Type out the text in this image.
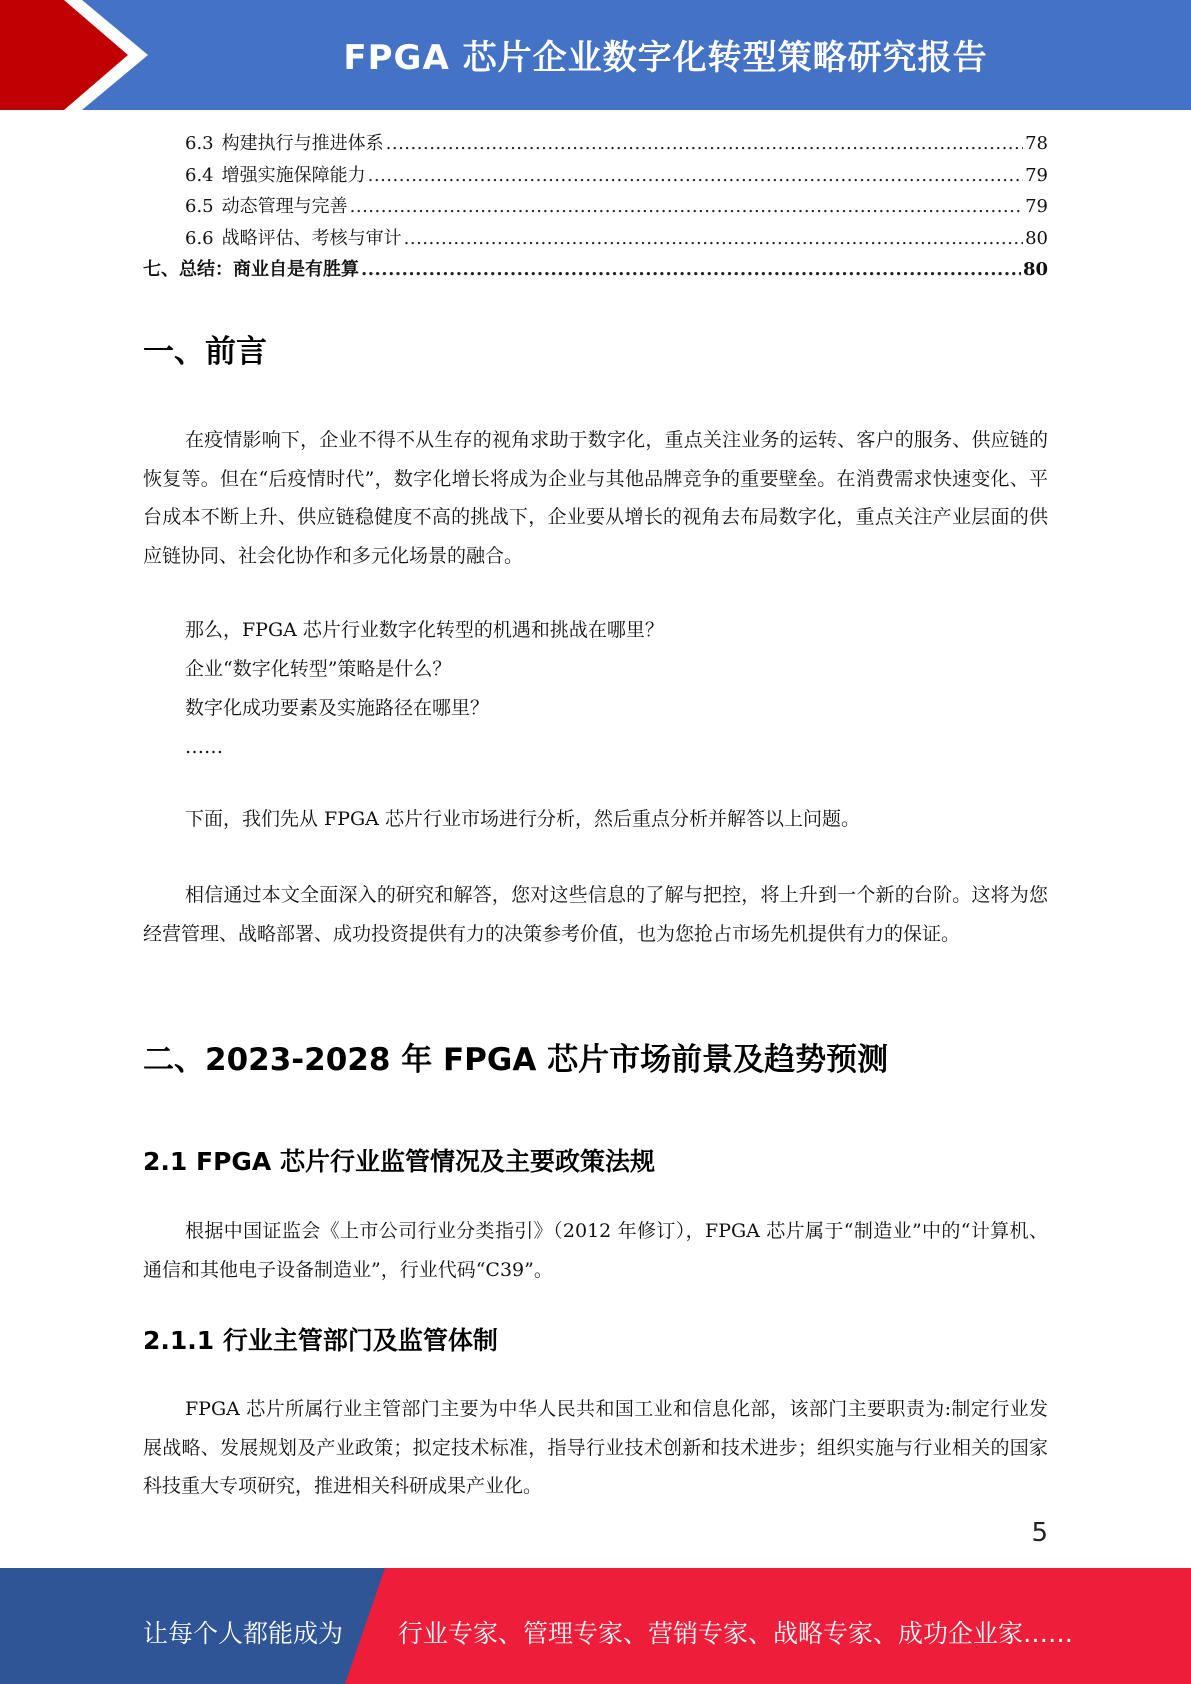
FPGA 芯片企业数字化转型策略研究报告
6.3 构建执行与推进体系 .....	78
6.4 增强实施保障能力 .....	79
6.5 动态管理与完善 .....	79
6.6 战略评估、考核与审计 .....	80
七、总结：商业自是有胜算 .....	80
一、前言
在疫情影响下，企业不得不从生存的视角求助于数字化，重点关注业务的运转、客户的服务、供应链的恢复等。但在“后疫情时代”，数字化增长将成为企业与其他品牌竞争的重要壁垒。在消费需求快速变化、平台成本不断上升、供应链稳健度不高的挑战下，企业要从增长的视角去布局数字化，重点关注产业层面的供应链协同、社会化协作和多元化场景的融合。
那么，FPGA 芯片行业数字化转型的机遇和挑战在哪里？
企业“数字化转型”策略是什么？
数字化成功要素及实施路径在哪里？
……
下面，我们先从 FPGA 芯片行业市场进行分析，然后重点分析并解答以上问题。
相信通过本文全面深入的研究和解答，您对这些信息的了解与把控，将上升到一个新的台阶。这将为您经营管理、战略部署、成功投资提供有力的决策参考价值，也为您抢占市场先机提供有力的保证。
二、2023-2028 年 FPGA 芯片市场前景及趋势预测
2.1 FPGA 芯片行业监管情况及主要政策法规
根据中国证监会《上市公司行业分类指引》（2012 年修订），FPGA 芯片属于“制造业”中的“计算机、通信和其他电子设备制造业”，行业代码“C39”。
2.1.1 行业主管部门及监管体制
FPGA 芯片所属行业主管部门主要为中华人民共和国工业和信息化部，该部门主要职责为:制定行业发展战略、发展规划及产业政策；拟定技术标准，指导行业技术创新和技术进步；组织实施与行业相关的国家科技重大专项研究，推进相关科研成果产业化。
5
让每个人都能成为 行业专家、管理专家、营销专家、战略专家、成功企业家……
